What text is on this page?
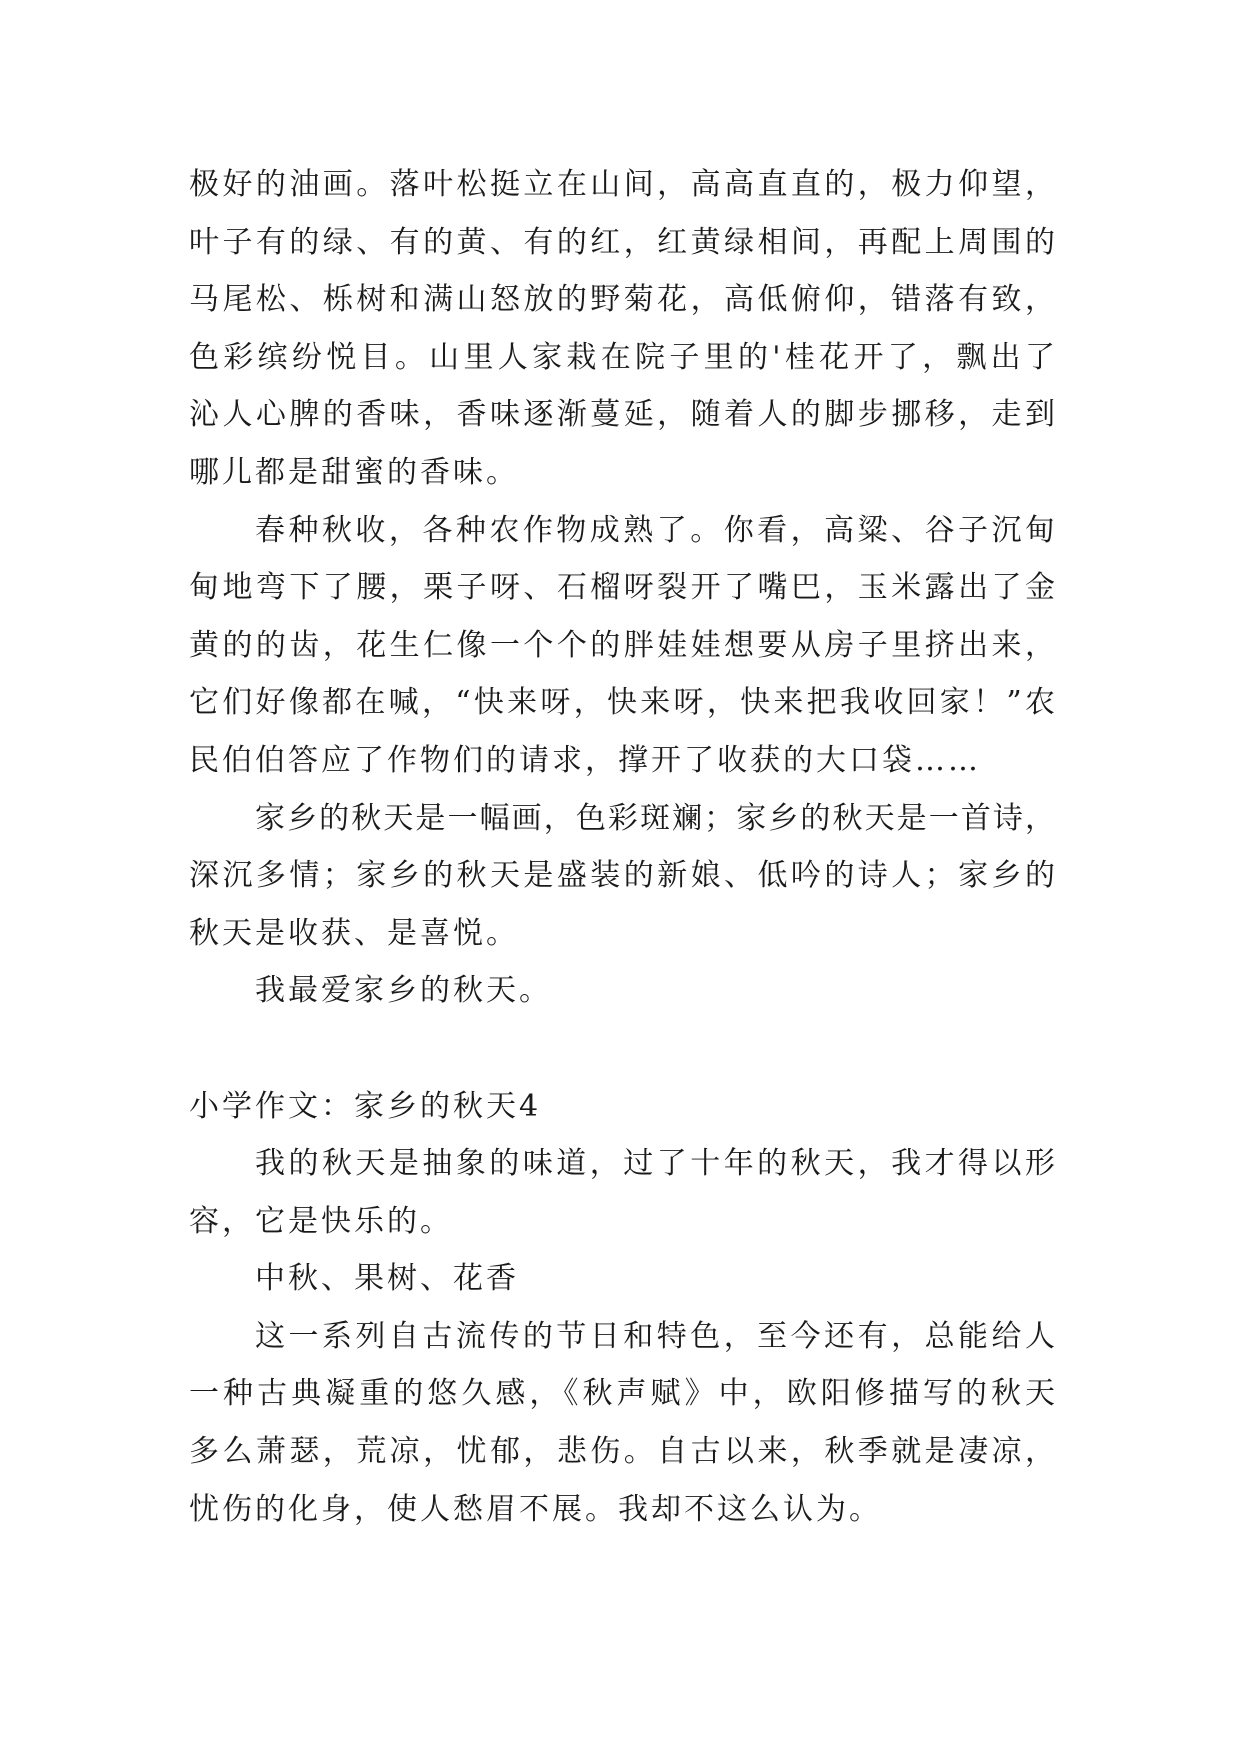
极好的油画。落叶松挺立在山间，高高直直的，极力仰望，
叶子有的绿、有的黄、有的红，红黄绿相间，再配上周围的
马尾松、栎树和满山怒放的野菊花，高低俯仰，错落有致，
色彩缤纷悦目。山里人家栽在院子里的'桂花开了，飘出了
沁人心脾的香味，香味逐渐蔓延，随着人的脚步挪移，走到
哪儿都是甜蜜的香味。
春种秋收，各种农作物成熟了。你看，高粱、谷子沉甸
甸地弯下了腰，栗子呀、石榴呀裂开了嘴巴，玉米露出了金
黄的的齿，花生仁像一个个的胖娃娃想要从房子里挤出来，
它们好像都在喊，“快来呀，快来呀，快来把我收回家！”农
民伯伯答应了作物们的请求，撑开了收获的大口袋……
家乡的秋天是一幅画，色彩斑斓；家乡的秋天是一首诗，
深沉多情；家乡的秋天是盛装的新娘、低吟的诗人；家乡的
秋天是收获、是喜悦。
我最爱家乡的秋天。
小学作文：家乡的秋天4
我的秋天是抽象的味道，过了十年的秋天，我才得以形
容，它是快乐的。
中秋、果树、花香
这一系列自古流传的节日和特色，至今还有，总能给人
一种古典凝重的悠久感，《秋声赋》中，欧阳修描写的秋天
多么萧瑟，荒凉，忧郁，悲伤。自古以来，秋季就是凄凉，
忧伤的化身，使人愁眉不展。我却不这么认为。
